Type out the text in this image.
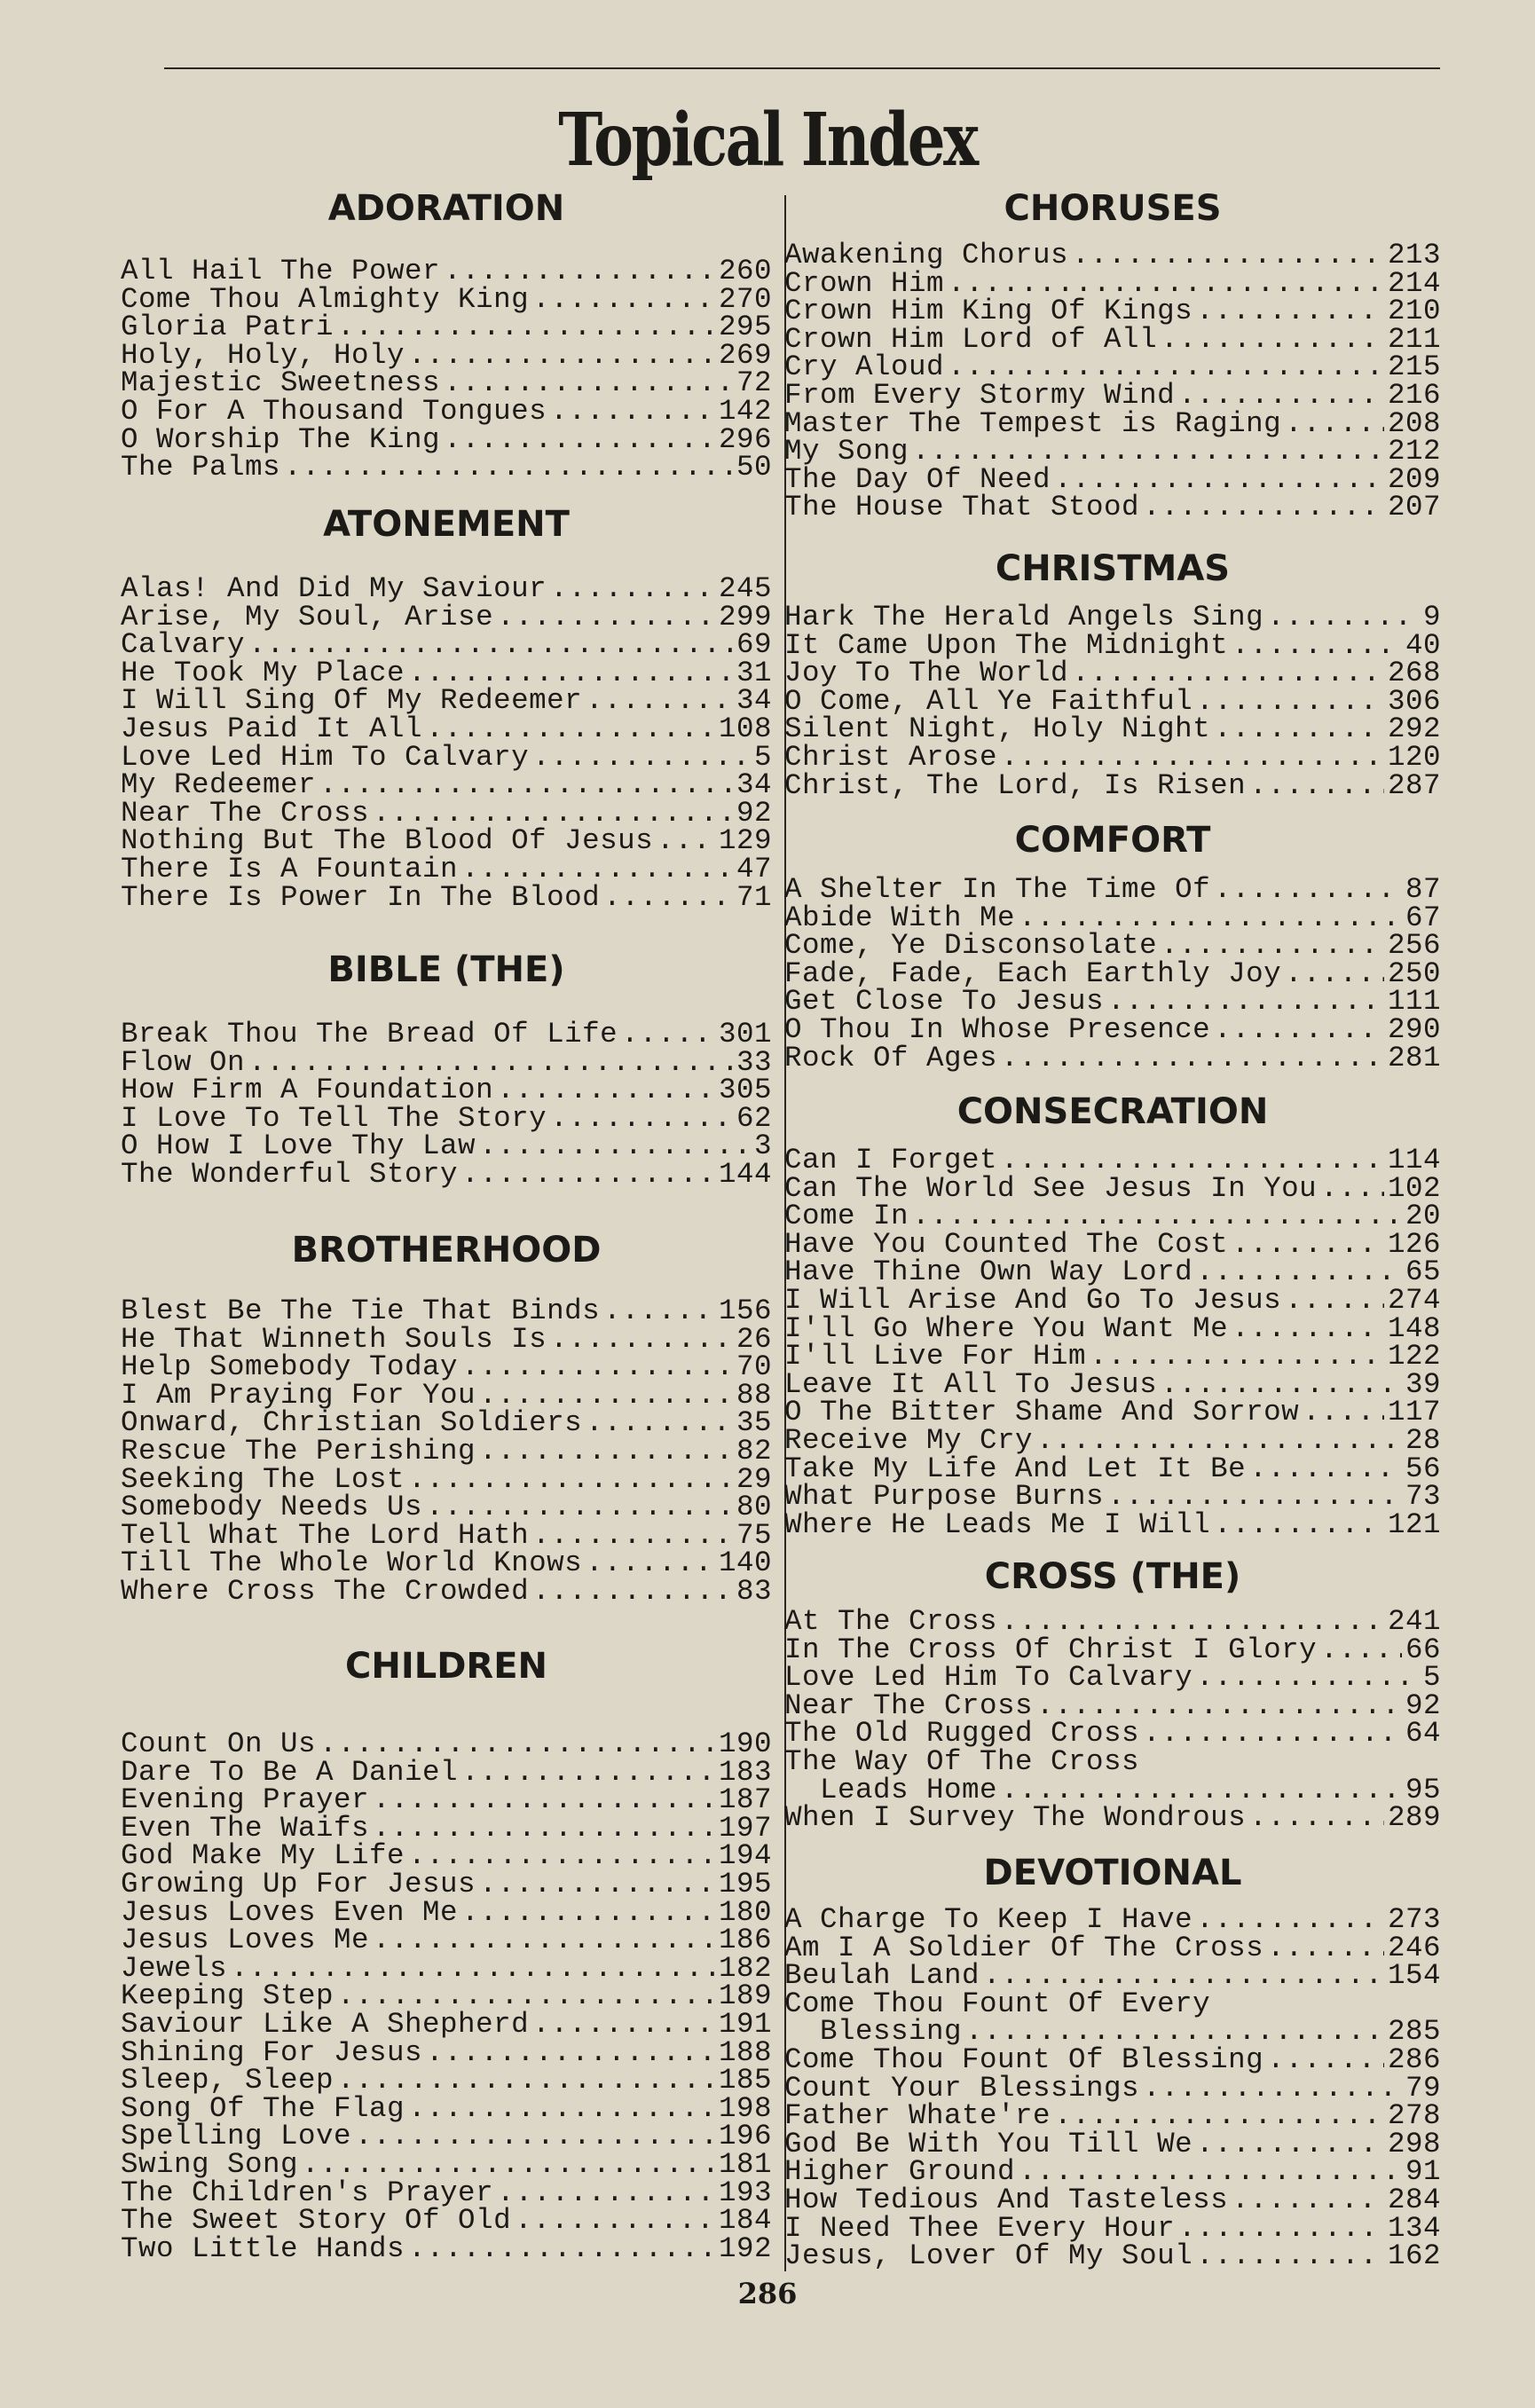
Topical Index
ADORATION
All Hail The Power .....	260
Come Thou Almighty King .....	270
Gloria Patri .....	295
Holy, Holy, Holy .....	269
Majestic Sweetness .....	72
O For A Thousand Tongues .....	142
O Worship The King .....	296
The Palms .....	50
ATONEMENT
Alas! And Did My Saviour .....	245
Arise, My Soul, Arise .....	299
Calvary .....	69
He Took My Place .....	31
I Will Sing Of My Redeemer .....	34
Jesus Paid It All .....	108
Love Led Him To Calvary .....	5
My Redeemer .....	34
Near The Cross .....	92
Nothing But The Blood Of Jesus ..... 129
There Is A Fountain .....	47
There Is Power In The Blood .....	71
BIBLE (THE)
Break Thou The Bread Of Life .....	301
Flow On .....	33
How Firm A Foundation .....	305
I Love To Tell The Story .....	62
O How I Love Thy Law .....	3
The Wonderful Story .....	144
BROTHERHOOD
Blest Be The Tie That Binds .....	156
He That Winneth Souls Is .....	26
Help Somebody Today .....	70
I Am Praying For You .....	88
Onward, Christian Soldiers .....	35
Rescue The Perishing .....	82
Seeking The Lost .....	29
Somebody Needs Us .....	80
Tell What The Lord Hath .....	75
Till The Whole World Knows .....	140
Where Cross The Crowded .....	83
CHILDREN
Count On Us .....	190
Dare To Be A Daniel .....	183
Evening Prayer .....	187
Even The Waifs .....	197
God Make My Life .....	194
Growing Up For Jesus .....	195
Jesus Loves Even Me .....	180
Jesus Loves Me .....	186
Jewels .....	182
Keeping Step .....	189
Saviour Like A Shepherd .....	191
Shining For Jesus .....	188
Sleep, Sleep .....	185
Song Of The Flag .....	198
Spelling Love .....	196
Swing Song .....	181
The Children's Prayer .....	193
The Sweet Story Of Old .....	184
Two Little Hands .....	192
CHORUSES
Awakening Chorus .....	213
Crown Him .....	214
Crown Him King Of Kings .....	210
Crown Him Lord of All .....	211
Cry Aloud .....	215
From Every Stormy Wind .....	216
Master The Tempest is Raging .....	208
My Song .....	212
The Day Of Need .....	209
The House That Stood .....	207
CHRISTMAS
Hark The Herald Angels Sing .....	9
It Came Upon The Midnight .....	40
Joy To The World .....	268
O Come, All Ye Faithful .....	306
Silent Night, Holy Night .....	292
Christ Arose .....	120
Christ, The Lord, Is Risen .....	287
COMFORT
A Shelter In The Time Of .....	87
Abide With Me .....	67
Come, Ye Disconsolate .....	256
Fade, Fade, Each Earthly Joy .....	250
Get Close To Jesus .....	111
O Thou In Whose Presence .....	290
Rock Of Ages .....	281
CONSECRATION
Can I Forget .....	114
Can The World See Jesus In You ..... 102
Come In .....	20
Have You Counted The Cost .....	126
Have Thine Own Way Lord .....	65
I Will Arise And Go To Jesus .....	274
I'll Go Where You Want Me .....	148
I'll Live For Him .....	122
Leave It All To Jesus .....	39
O The Bitter Shame And Sorrow .....	117
Receive My Cry .....	28
Take My Life And Let It Be .....	56
What Purpose Burns .....	73
Where He Leads Me I Will .....	121
CROSS (THE)
At The Cross .....	241
In The Cross Of Christ I Glory .....	66
Love Led Him To Calvary .....	5
Near The Cross .....	92
The Old Rugged Cross .....	64
The Way Of The Cross
Leads Home .....	95
When I Survey The Wondrous .....	289
DEVOTIONAL
A Charge To Keep I Have .....	273
Am I A Soldier Of The Cross .....	246
Beulah Land .....	154
Come Thou Fount Of Every
Blessing .....	285
Come Thou Fount Of Blessing .....	286
Count Your Blessings .....	79
Father Whate're .....	278
God Be With You Till We .....	298
Higher Ground .....	91
How Tedious And Tasteless .....	284
I Need Thee Every Hour .....	134
Jesus, Lover Of My Soul .....	162
286
